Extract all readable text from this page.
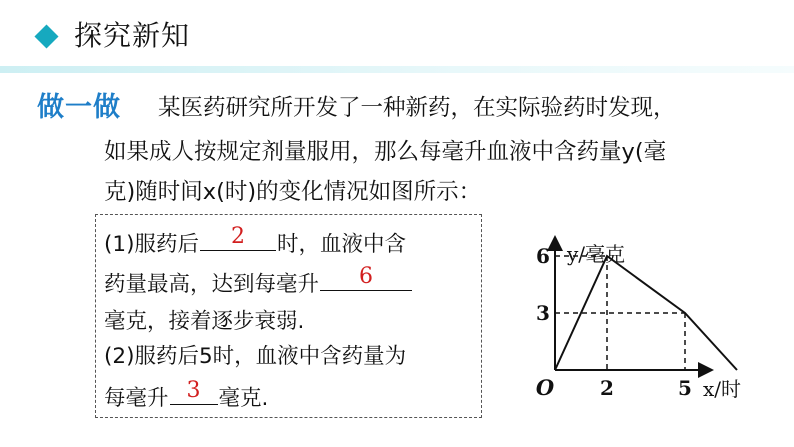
探究新知
做一做 某医药研究所开发了一种新药，在实际验药时发现，
如果成人按规定剂量服用，那么每毫升血液中含药量y(毫
克)随时间x(时)的变化情况如图所示：
(1)服药后	2	时，血液中含
药量最高，达到每毫升	6
毫克，接着逐步衰弱.
(2)服药后5时，血液中含药量为
每毫升 3 毫克.	2	5
6
3
O
y/毫克
x/时
